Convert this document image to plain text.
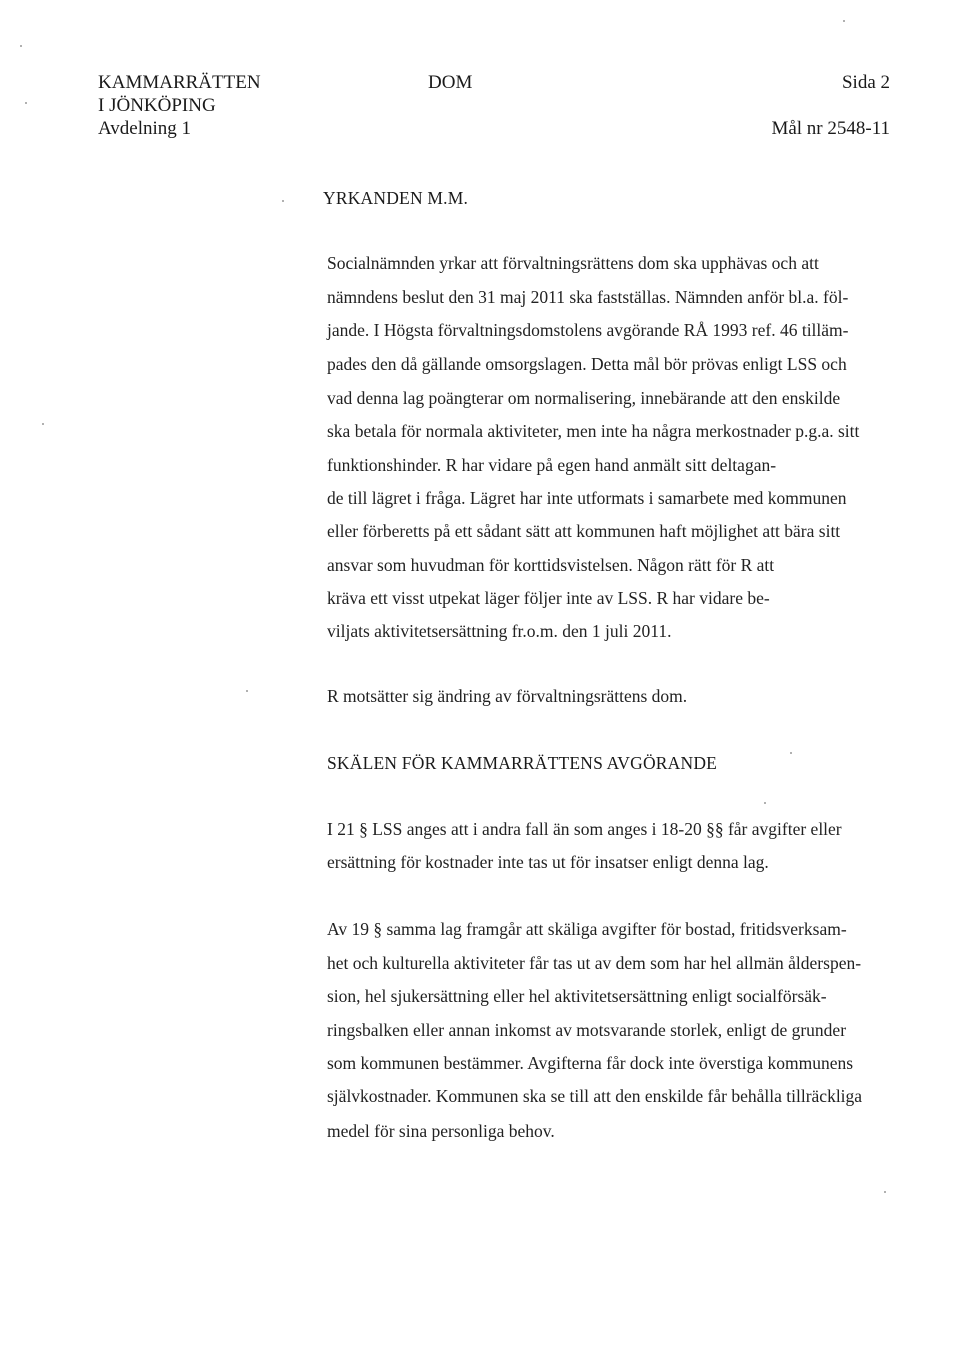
KAMMARRÄTTEN
I JÖNKÖPING
Avdelning 1
DOM	Sida 2
Mål nr 2548-11
YRKANDEN M.M.
Socialnämnden yrkar att förvaltningsrättens dom ska upphävas och att
nämndens beslut den 31 maj 2011 ska fastställas. Nämnden anför bl.a. föl-
jande. I Högsta förvaltningsdomstolens avgörande RÅ 1993 ref. 46 tilläm-
pades den då gällande omsorgslagen. Detta mål bör prövas enligt LSS och
vad denna lag poängterar om normalisering, innebärande att den enskilde
ska betala för normala aktiviteter, men inte ha några merkostnader p.g.a. sitt
funktionshinder. R har vidare på egen hand anmält sitt deltagan-
de till lägret i fråga. Lägret har inte utformats i samarbete med kommunen
eller förberetts på ett sådant sätt att kommunen haft möjlighet att bära sitt
ansvar som huvudman för korttidsvistelsen. Någon rätt för R att
kräva ett visst utpekat läger följer inte av LSS. R har vidare be-
viljats aktivitetsersättning fr.o.m. den 1 juli 2011.
R motsätter sig ändring av förvaltningsrättens dom.
SKÄLEN FÖR KAMMARRÄTTENS AVGÖRANDE
I 21 § LSS anges att i andra fall än som anges i 18-20 §§ får avgifter eller
ersättning för kostnader inte tas ut för insatser enligt denna lag.
Av 19 § samma lag framgår att skäliga avgifter för bostad, fritidsverksam-
het och kulturella aktiviteter får tas ut av dem som har hel allmän ålderspen-
sion, hel sjukersättning eller hel aktivitetsersättning enligt socialförsäk-
ringsbalken eller annan inkomst av motsvarande storlek, enligt de grunder
som kommunen bestämmer. Avgifterna får dock inte överstiga kommunens
självkostnader. Kommunen ska se till att den enskilde får behålla tillräckliga
medel för sina personliga behov.
